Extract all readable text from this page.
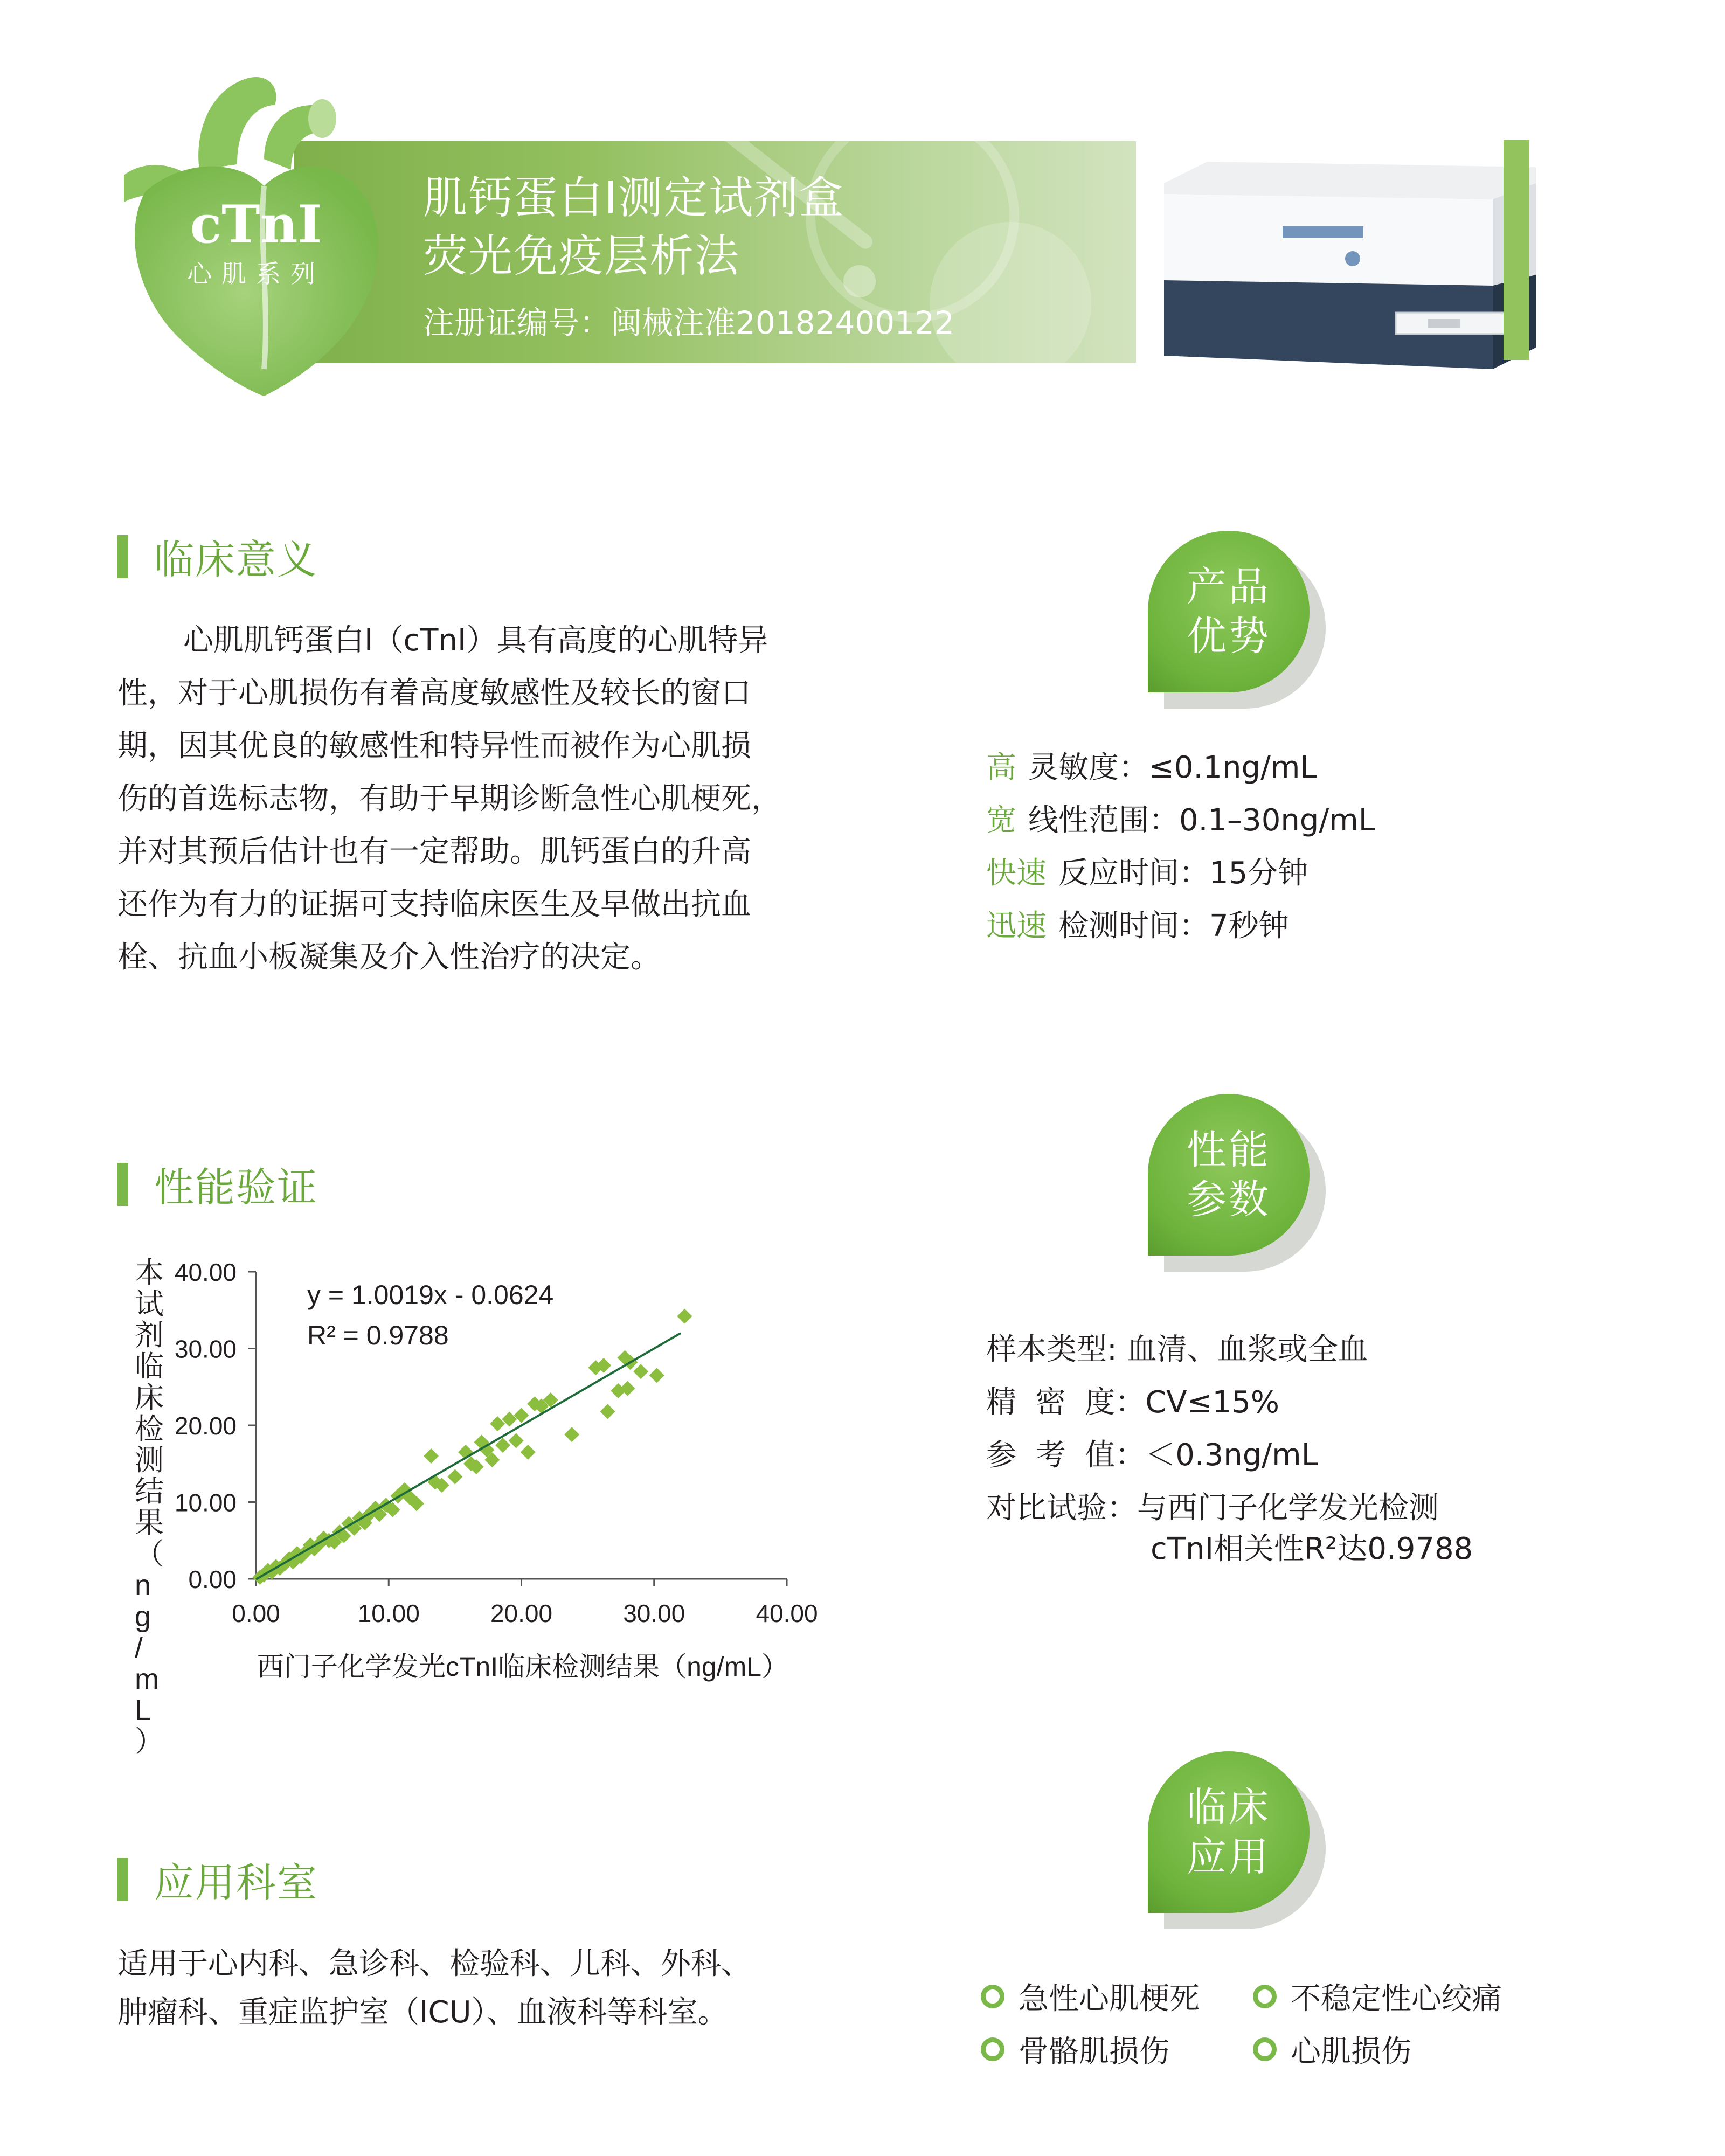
肌钙蛋白I测定试剂盒
荧光免疫层析法
注册证编号：闽械注准20182400122
cTnI
心肌系列
临床意义
心肌肌钙蛋白I（cTnI）具有高度的心肌特异
性，对于心肌损伤有着高度敏感性及较长的窗口
期，因其优良的敏感性和特异性而被作为心肌损
伤的首选标志物，有助于早期诊断急性心肌梗死，
并对其预后估计也有一定帮助。肌钙蛋白的升高
还作为有力的证据可支持临床医生及早做出抗血
栓、抗血小板凝集及介入性治疗的决定。
产品
优势
高 灵敏度：≤0.1ng/mL
宽 线性范围：0.1–30ng/mL
快速 反应时间：15分钟
迅速 检测时间：7秒钟
性能验证
0.00
10.00
20.00
30.00
40.00
0.00	10.00	20.00	30.00	40.00
y = 1.0019x - 0.0624
R² = 0.9788
西门子化学发光cTnI临床检测结果（ng/mL）
本试剂临床检测结果（ n g / m L ）
性能
参数
样本类型: 血清、血浆或全血
精  密  度：CV≤15%
参  考  值：＜0.3ng/mL
对比试验：与西门子化学发光检测
cTnI相关性R²达0.9788
应用科室
适用于心内科、急诊科、检验科、儿科、外科、
肿瘤科、重症监护室（ICU）、血液科等科室。
临床
应用
急性心肌梗死	不稳定性心绞痛
骨骼肌损伤	心肌损伤
